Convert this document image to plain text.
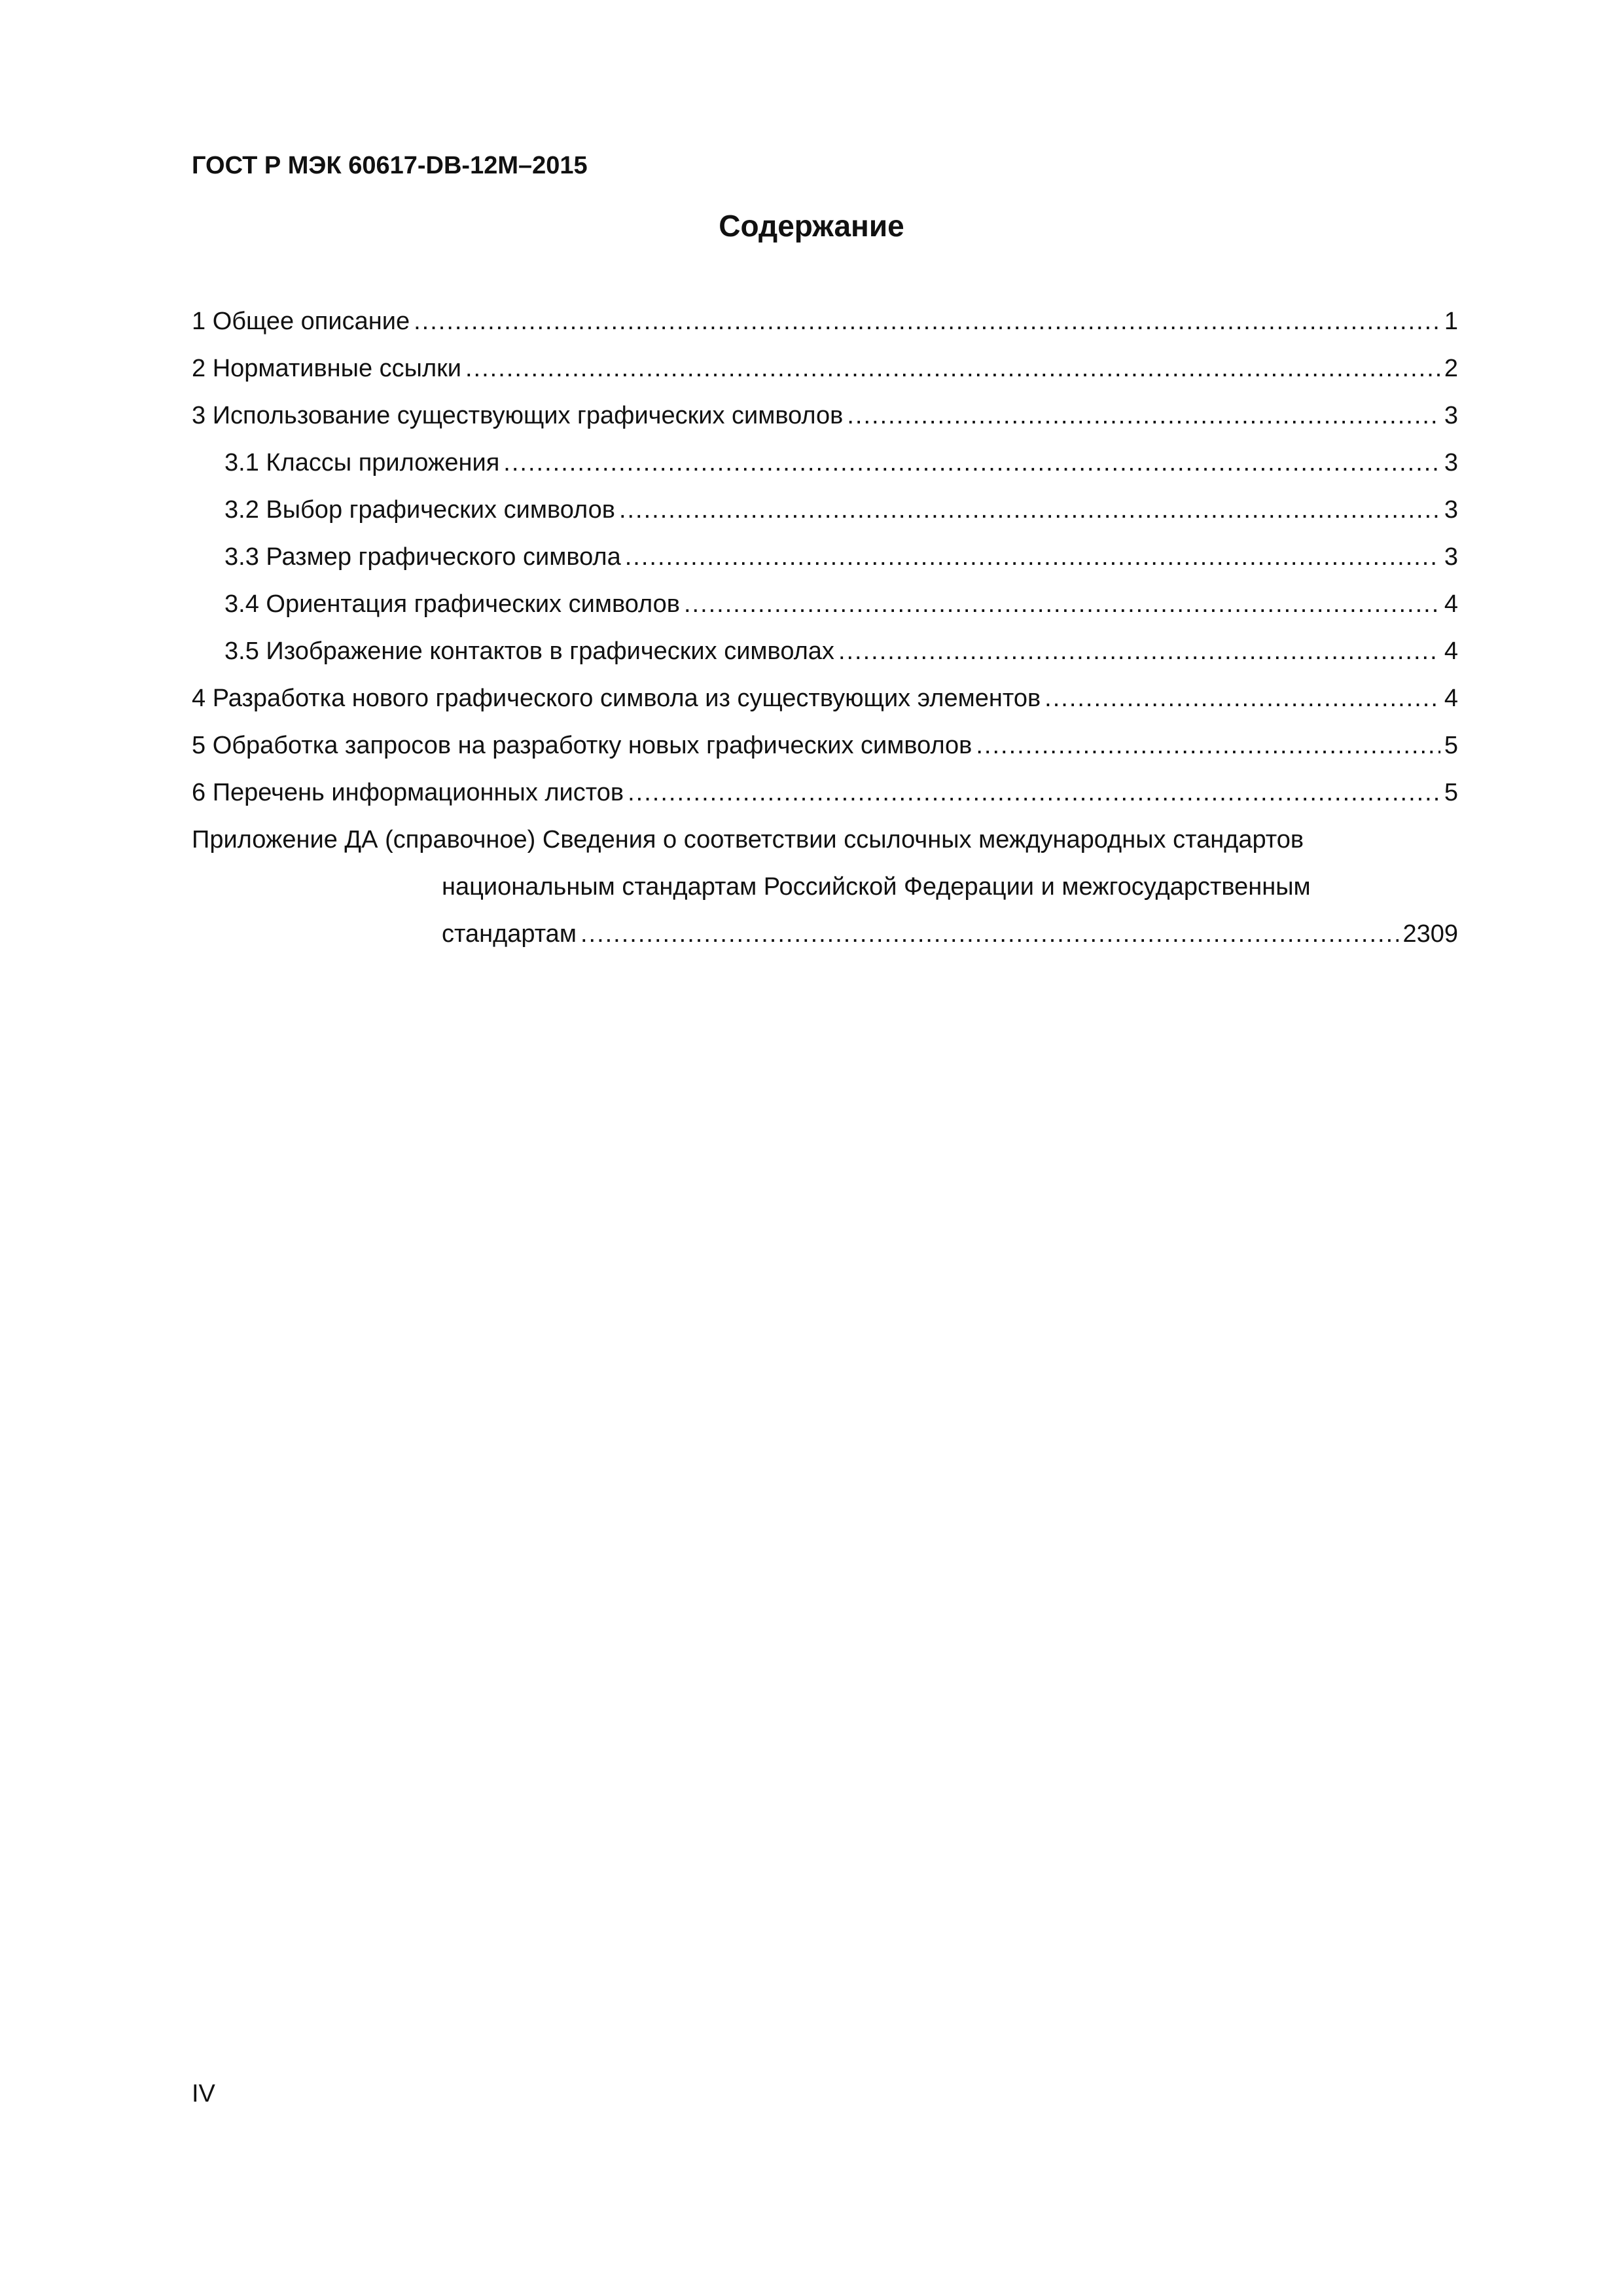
ГОСТ Р МЭК 60617-DB-12M–2015
Содержание
1 Общее описание .....	1
2 Нормативные ссылки .....	2
3 Использование существующих графических символов .....	3
3.1 Классы приложения .....	3
3.2 Выбор графических символов .....	3
3.3 Размер графического символа .....	3
3.4 Ориентация графических символов .....	4
3.5 Изображение контактов в графических символах .....	4
4 Разработка нового графического символа из существующих элементов .....	4
5 Обработка запросов на разработку новых графических символов .....	5
6 Перечень информационных листов .....	5
Приложение ДА (справочное) Сведения о соответствии ссылочных международных стандартов
национальным стандартам Российской Федерации и межгосударственным
стандартам .....	2309
IV
